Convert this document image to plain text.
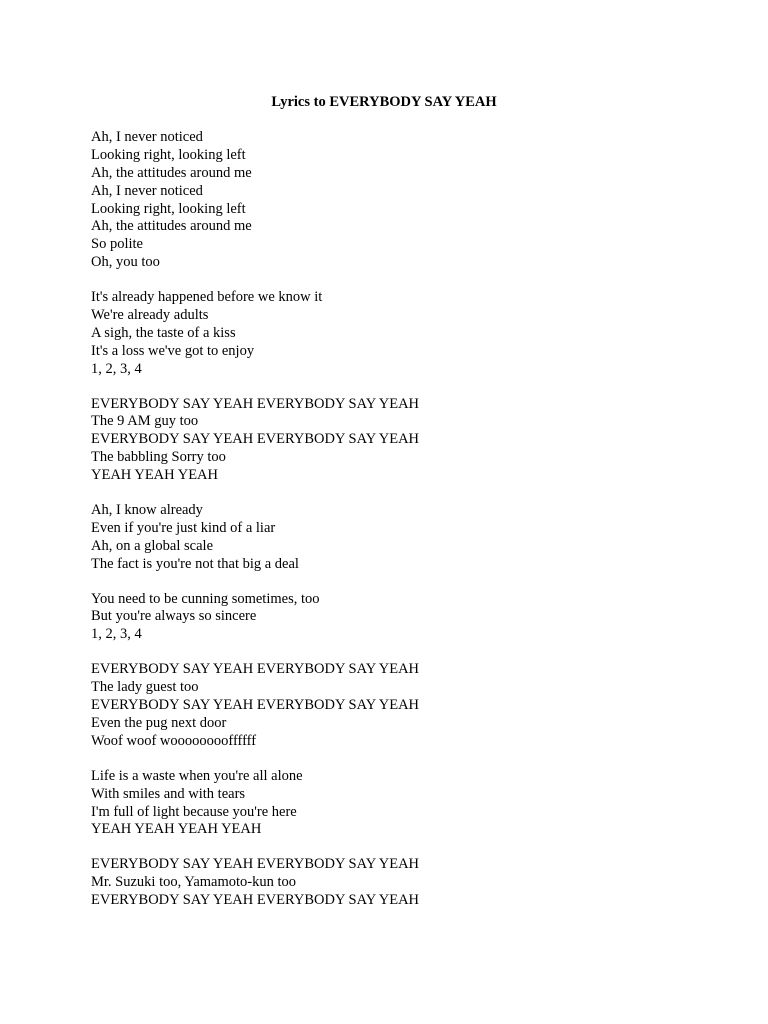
Lyrics to EVERYBODY SAY YEAH
Ah, I never noticed
Looking right, looking left
Ah, the attitudes around me
Ah, I never noticed
Looking right, looking left
Ah, the attitudes around me
So polite
Oh, you too
It's already happened before we know it
We're already adults
A sigh, the taste of a kiss
It's a loss we've got to enjoy
1, 2, 3, 4
EVERYBODY SAY YEAH EVERYBODY SAY YEAH
The 9 AM guy too
EVERYBODY SAY YEAH EVERYBODY SAY YEAH
The babbling Sorry too
YEAH YEAH YEAH
Ah, I know already
Even if you're just kind of a liar
Ah, on a global scale
The fact is you're not that big a deal
You need to be cunning sometimes, too
But you're always so sincere
1, 2, 3, 4
EVERYBODY SAY YEAH EVERYBODY SAY YEAH
The lady guest too
EVERYBODY SAY YEAH EVERYBODY SAY YEAH
Even the pug next door
Woof woof wooooooooffffff
Life is a waste when you're all alone
With smiles and with tears
I'm full of light because you're here
YEAH YEAH YEAH YEAH
EVERYBODY SAY YEAH EVERYBODY SAY YEAH
Mr. Suzuki too, Yamamoto-kun too
EVERYBODY SAY YEAH EVERYBODY SAY YEAH
